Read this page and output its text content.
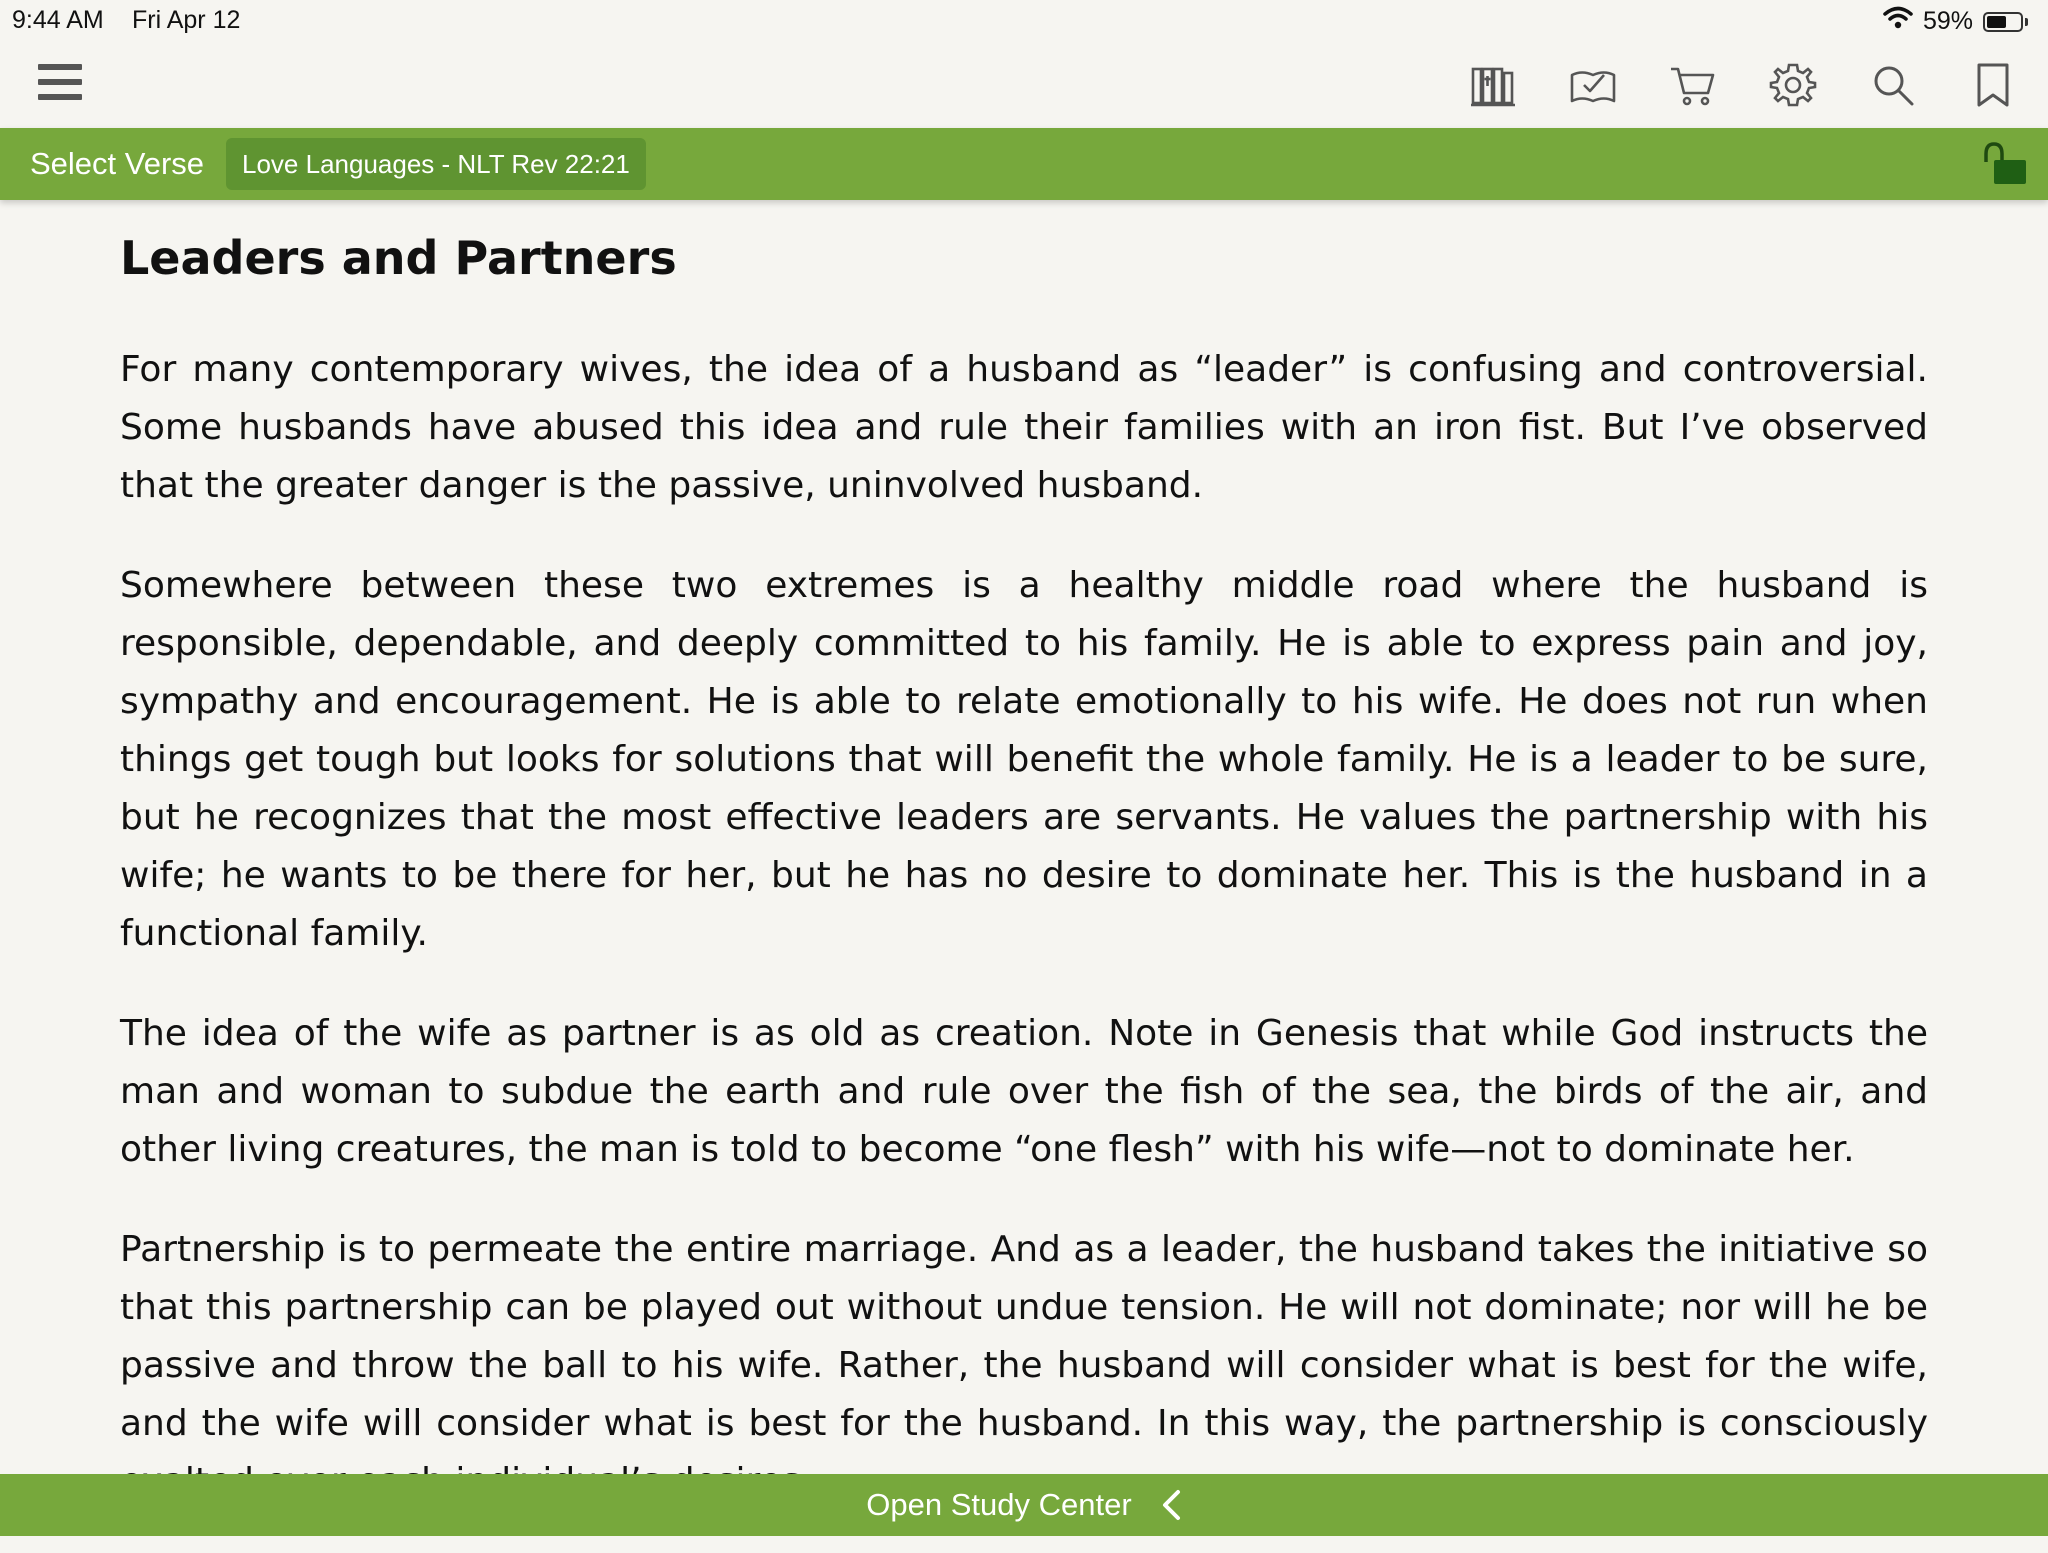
9:44 AM Fri Apr 12	59%
Select Verse	Love Languages - NLT Rev 22:21
Leaders and Partners

For many contemporary wives, the idea of a husband as “leader” is confusing and controversial. Some husbands have abused this idea and rule their families with an iron fist. But I’ve observed that the greater danger is the passive, uninvolved husband.

Somewhere between these two extremes is a healthy middle road where the husband is responsible, dependable, and deeply committed to his family. He is able to express pain and joy, sympathy and encouragement. He is able to relate emotionally to his wife. He does not run when things get tough but looks for solutions that will benefit the whole family. He is a leader to be sure, but he recognizes that the most effective leaders are servants. He values the partnership with his wife; he wants to be there for her, but he has no desire to dominate her. This is the husband in a functional family.

The idea of the wife as partner is as old as creation. Note in Genesis that while God instructs the man and woman to subdue the earth and rule over the fish of the sea, the birds of the air, and other living creatures, the man is told to become “one flesh” with his wife—not to dominate her.

Partnership is to permeate the entire marriage. And as a leader, the husband takes the initiative so that this partnership can be played out without undue tension. He will not dominate; nor will he be passive and throw the ball to his wife. Rather, the husband will consider what is best for the wife, and the wife will consider what is best for the husband. In this way, the partnership is consciously

Open Study Center
